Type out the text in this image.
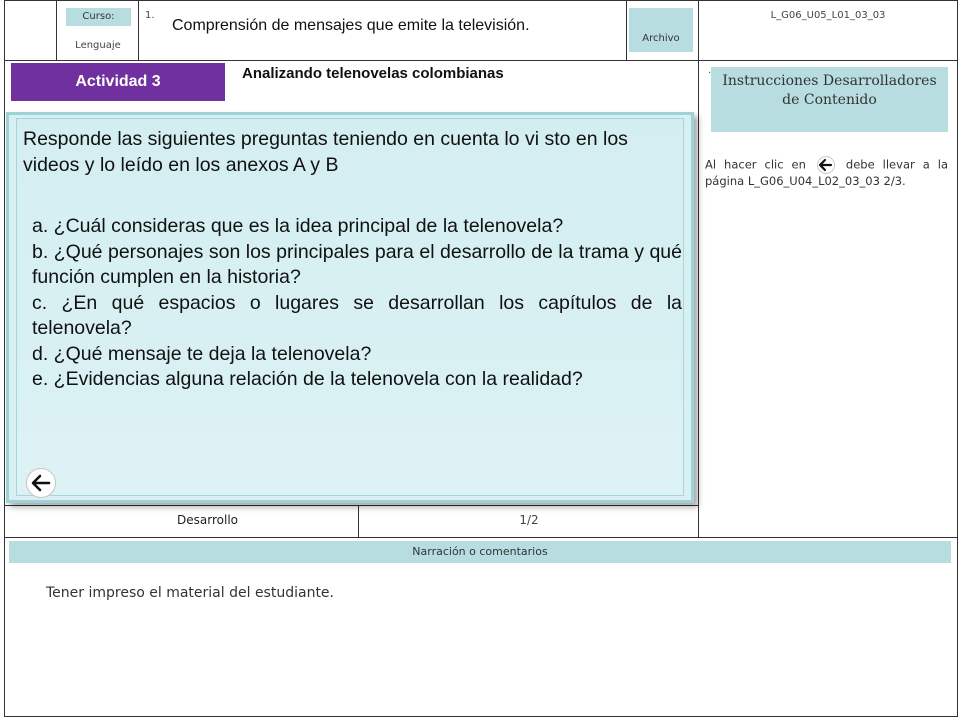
Curso:
Lenguaje
1.
Comprensión de mensajes que emite la televisión.
Archivo
L_G06_U05_L01_03_03
Actividad 3	Analizando telenovelas colombianas	· Instrucciones Desarrolladores de Contenido
Al hacer clic en	debe llevar a la página L_G06_U04_L02_03_03 2/3.
Responde las siguientes preguntas teniendo en cuenta lo vi sto en los videos y lo leído en los anexos A y B
a. ¿Cuál consideras que es la idea principal de la telenovela?
b. ¿Qué personajes son los principales para el desarrollo de la trama y qué función cumplen en la historia?
c. ¿En qué espacios o lugares se desarrollan los capítulos de la telenovela?
d. ¿Qué mensaje te deja la telenovela?
e. ¿Evidencias alguna relación de la telenovela con la realidad?
Desarrollo	1/2
Narración o comentarios
Tener impreso el material del estudiante.
